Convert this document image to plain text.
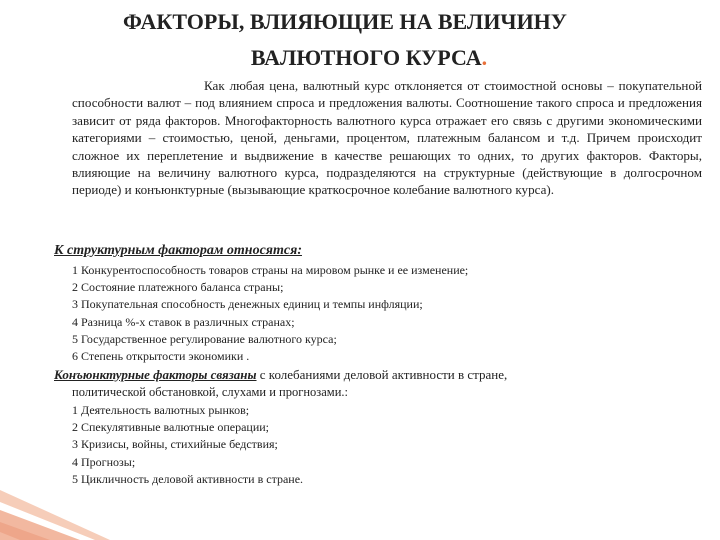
ФАКТОРЫ, ВЛИЯЮЩИЕ НА ВЕЛИЧИНУ
ВАЛЮТНОГО КУРСА.
Как любая цена, валютный курс отклоняется от стоимостной основы – покупательной способности валют – под влиянием спроса и предложения валюты. Соотношение такого спроса и предложения зависит от ряда факторов. Многофакторность валютного курса отражает его связь с другими экономическими категориями – стоимостью, ценой, деньгами, процентом, платежным балансом и т.д. Причем происходит сложное их переплетение и выдвижение в качестве решающих то одних, то других факторов. Факторы, влияющие на величину валютного курса, подразделяются на структурные (действующие в долгосрочном периоде) и конъюнктурные (вызывающие краткосрочное колебание валютного курса).
К структурным факторам относятся:
1 Конкурентоспособность товаров страны на мировом рынке и ее изменение;
2 Состояние платежного баланса страны;
3 Покупательная способность денежных единиц и темпы инфляции;
4 Разница %-х ставок в различных странах;
5 Государственное регулирование валютного курса;
6 Степень открытости экономики .
Конъюнктурные факторы связаны с колебаниями деловой активности в стране,
политической обстановкой, слухами и прогнозами.:
1 Деятельность валютных рынков;
2 Спекулятивные валютные операции;
3 Кризисы, войны, стихийные бедствия;
4 Прогнозы;
5 Цикличность деловой активности в стране.
